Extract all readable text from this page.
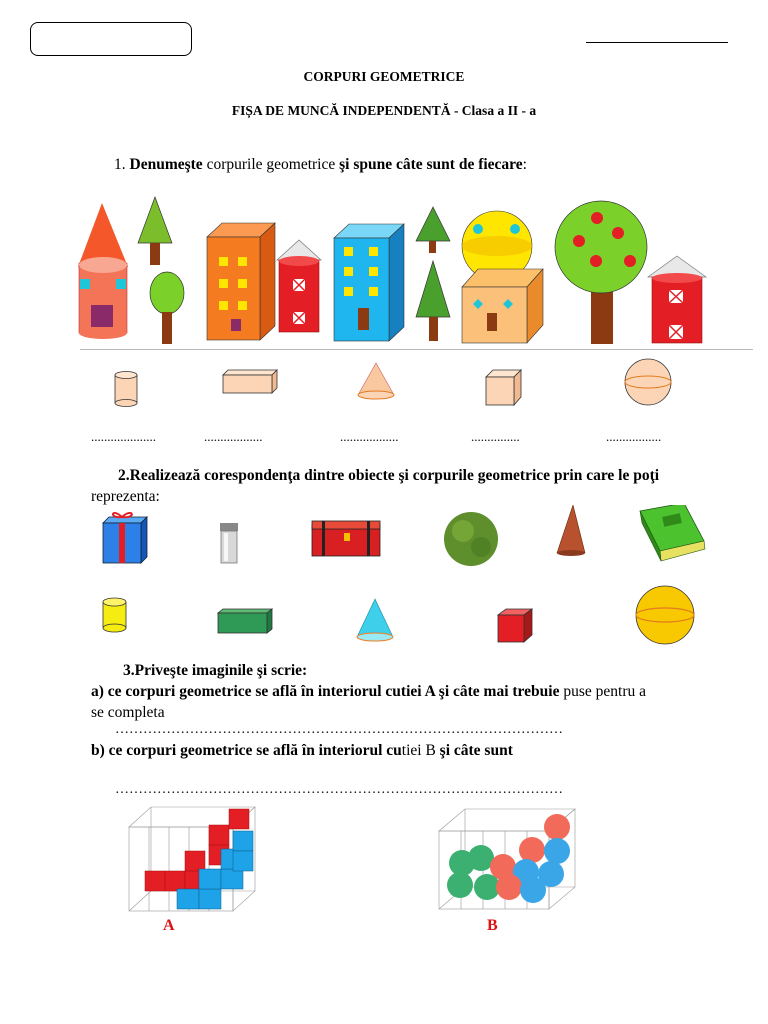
CORPURI GEOMETRICE
FIȘA DE MUNCĂ INDEPENDENTĂ - Clasa a II - a
1. Denumeşte corpurile geometrice şi spune câte sunt de fiecare:
....................	..................	..................	...............	.................
2.Realizează corespondenţa dintre obiecte şi corpurile geometrice prin care le poţi
reprezenta:
3.Priveşte imaginile şi scrie:
a) ce corpuri geometrice se află în interiorul cutiei A şi câte mai trebuie puse pentru a
se completa
……………………………………………………………………………………
b) ce corpuri geometrice se află în interiorul cutiei B şi câte sunt
……………………………………………………………………………………
A	B
